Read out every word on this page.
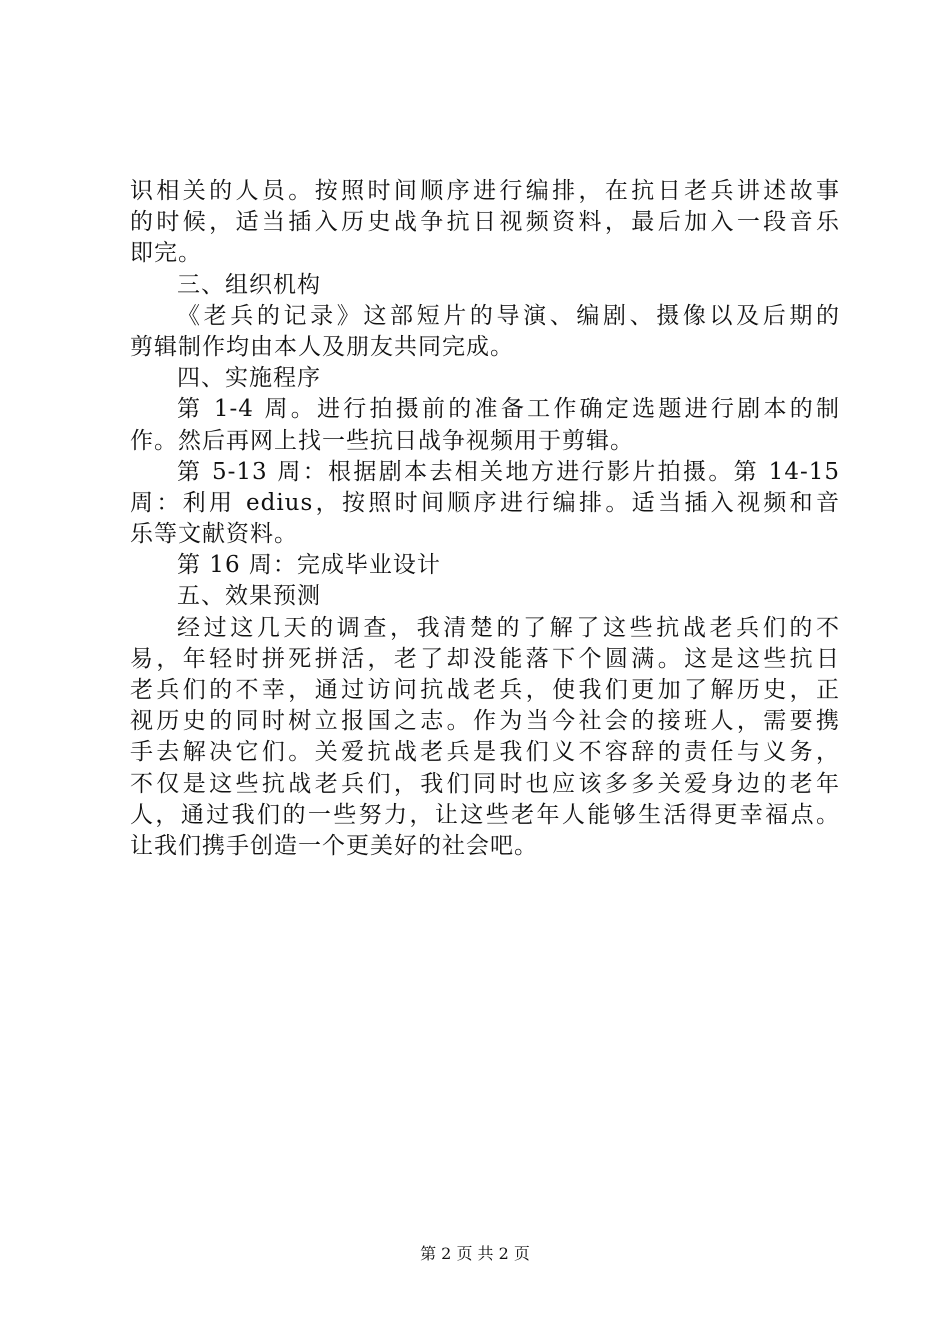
识相关的人员。按照时间顺序进行编排，在抗日老兵讲述故事
的时候，适当插入历史战争抗日视频资料，最后加入一段音乐
即完。
三、组织机构
《老兵的记录》这部短片的导演、编剧、摄像以及后期的
剪辑制作均由本人及朋友共同完成。
四、实施程序
第 1-4 周。进行拍摄前的准备工作确定选题进行剧本的制
作。然后再网上找一些抗日战争视频用于剪辑。
第 5-13 周：根据剧本去相关地方进行影片拍摄。第 14-15
周：利用 edius，按照时间顺序进行编排。适当插入视频和音
乐等文献资料。
第 16 周：完成毕业设计
五、效果预测
经过这几天的调查，我清楚的了解了这些抗战老兵们的不
易，年轻时拼死拼活，老了却没能落下个圆满。这是这些抗日
老兵们的不幸，通过访问抗战老兵，使我们更加了解历史，正
视历史的同时树立报国之志。作为当今社会的接班人，需要携
手去解决它们。关爱抗战老兵是我们义不容辞的责任与义务，
不仅是这些抗战老兵们，我们同时也应该多多关爱身边的老年
人，通过我们的一些努力，让这些老年人能够生活得更幸福点。
让我们携手创造一个更美好的社会吧。
第 2 页 共 2 页
